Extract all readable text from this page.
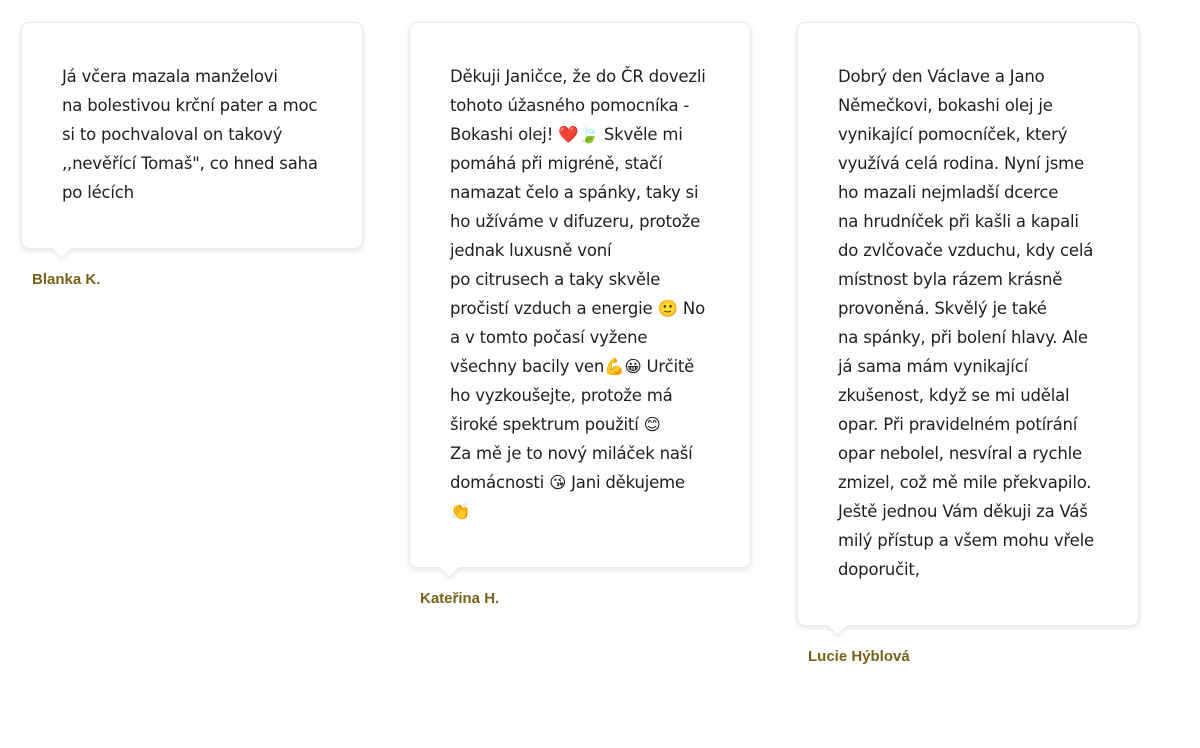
Já včera mazala manželovi
na bolestivou krční pater a moc
si to pochvaloval on takový
,,nevěřící Tomaš", co hned saha
po lécích

Blanka K.

Děkuji Janičce, že do ČR dovezli
tohoto úžasného pomocníka -
Bokashi olej! ❤️🍃 Skvěle mi
pomáhá při migréně, stačí
namazat čelo a spánky, taky si
ho užíváme v difuzeru, protože
jednak luxusně voní
po citrusech a taky skvěle
pročistí vzduch a energie 🙂 No
a v tomto počasí vyžene
všechny bacily ven💪😀 Určitě
ho vyzkoušejte, protože má
široké spektrum použití 😊
Za mě je to nový miláček naší
domácnosti 😘 Jani děkujeme
👏

Kateřina H.

Dobrý den Václave a Jano
Němečkovi, bokashi olej je
vynikající pomocníček, který
využívá celá rodina. Nyní jsme
ho mazali nejmladší dcerce
na hrudníček při kašli a kapali
do zvlčovače vzduchu, kdy celá
místnost byla rázem krásně
provoněná. Skvělý je také
na spánky, při bolení hlavy. Ale
já sama mám vynikající
zkušenost, když se mi udělal
opar. Při pravidelném potírání
opar nebolel, nesvíral a rychle
zmizel, což mě mile překvapilo.
Ještě jednou Vám děkuji za Váš
milý přístup a všem mohu vřele
doporučit,

Lucie Hýblová
